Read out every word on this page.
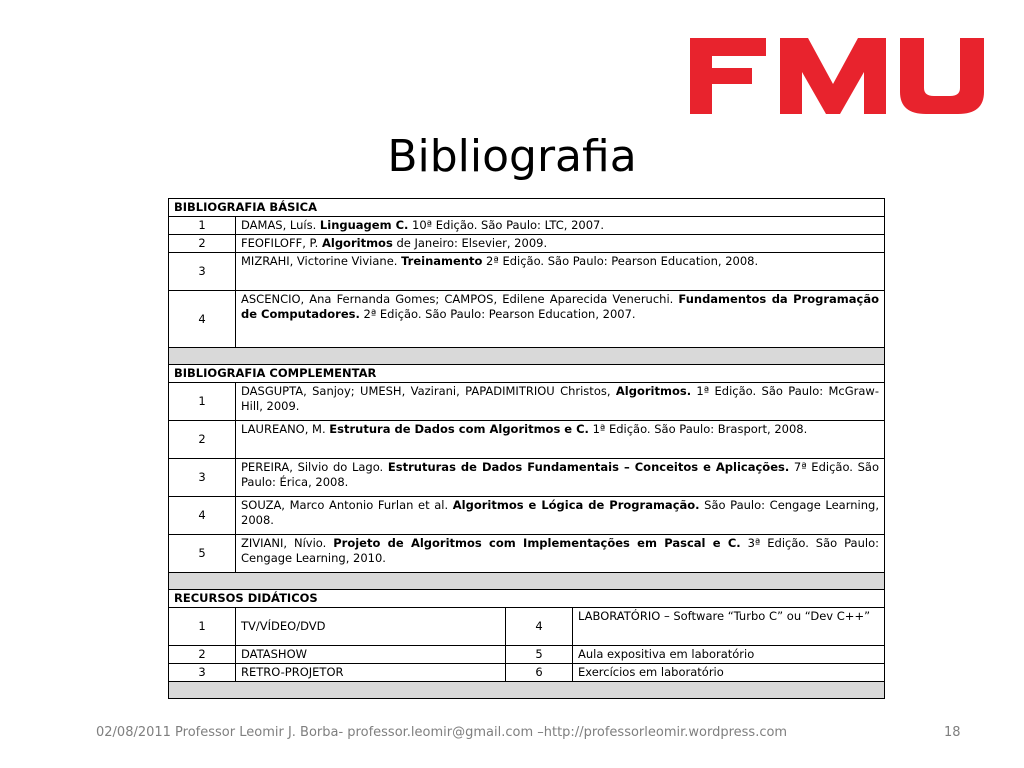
Bibliografia
BIBLIOGRAFIA BÁSICA			
1	DAMAS, Luís. Linguagem C. 10ª Edição. São Paulo: LTC, 2007.		
2	FEOFILOFF, P. Algoritmos de Janeiro: Elsevier, 2009.		
3	MIZRAHI, Victorine Viviane. Treinamento 2ª Edição. São Paulo: Pearson Education, 2008.		
4	ASCENCIO, Ana Fernanda Gomes; CAMPOS, Edilene Aparecida Veneruchi. Fundamentos da Programação de Computadores. 2ª Edição. São Paulo: Pearson Education, 2007.		

BIBLIOGRAFIA COMPLEMENTAR			
1	DASGUPTA, Sanjoy; UMESH, Vazirani, PAPADIMITRIOU Christos, Algoritmos. 1ª Edição. São Paulo: McGraw-Hill, 2009.		
2	LAUREANO, M. Estrutura de Dados com Algoritmos e C. 1ª Edição. São Paulo: Brasport, 2008.		
3	PEREIRA, Silvio do Lago. Estruturas de Dados Fundamentais – Conceitos e Aplicações. 7ª Edição. São Paulo: Érica, 2008.		
4	SOUZA, Marco Antonio Furlan et al. Algoritmos e Lógica de Programação. São Paulo: Cengage Learning, 2008.		
5	ZIVIANI, Nívio. Projeto de Algoritmos com Implementações em Pascal e C. 3ª Edição. São Paulo: Cengage Learning, 2010.		

RECURSOS DIDÁTICOS			
1	TV/VÍDEO/DVD	4	LABORATÓRIO – Software “Turbo C” ou “Dev C++”
2	DATASHOW	5	Aula expositiva em laboratório
3	RETRO-PROJETOR	6	Exercícios em laboratório

02/08/2011 Professor Leomir J. Borba- professor.leomir@gmail.com –http://professorleomir.wordpress.com	18
